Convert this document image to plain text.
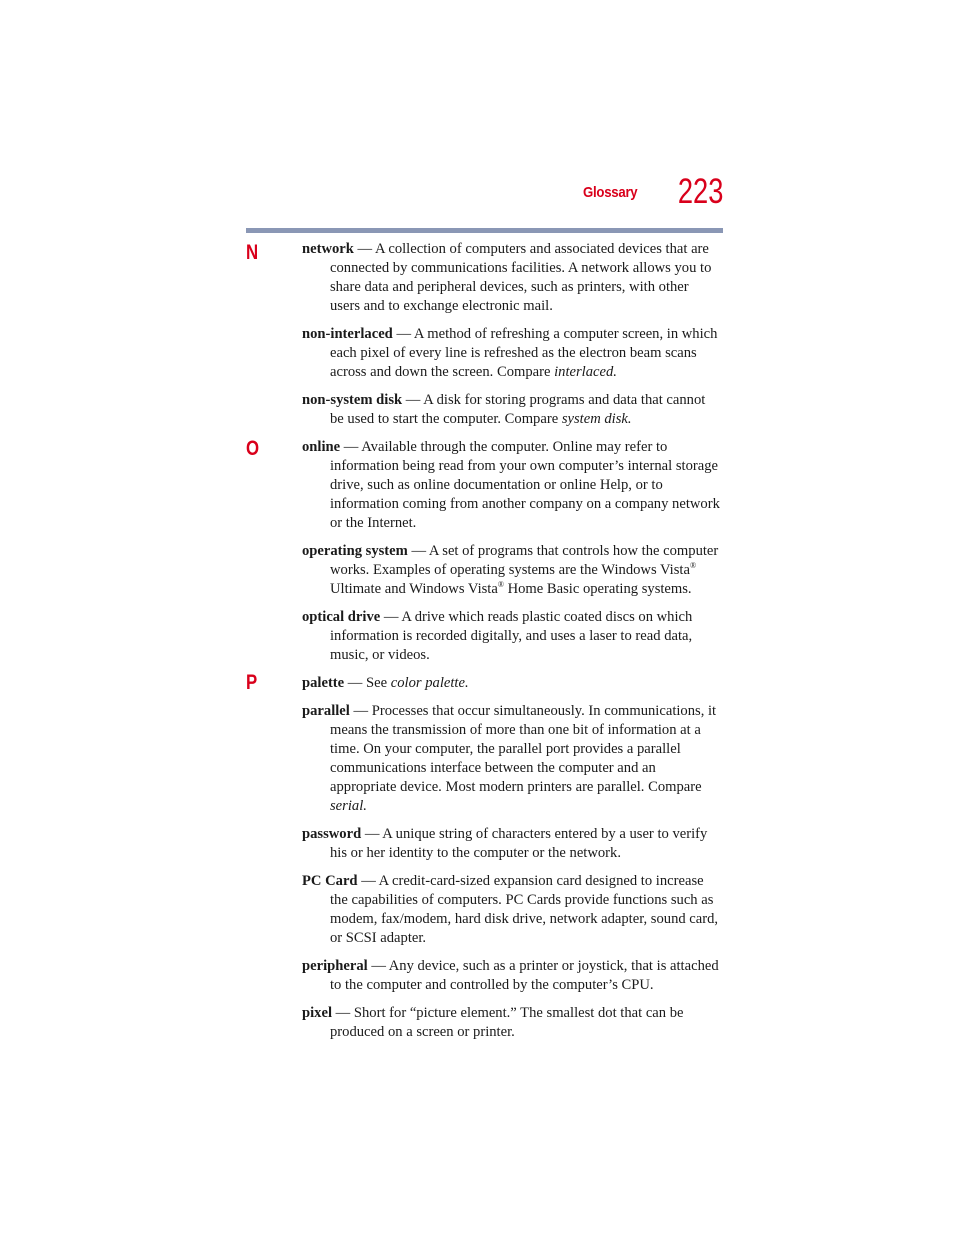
Glossary 223
N
O
P

network — A collection of computers and associated devices that are connected by communications facilities. A network allows you to share data and peripheral devices, such as printers, with other users and to exchange electronic mail.

non-interlaced — A method of refreshing a computer screen, in which each pixel of every line is refreshed as the electron beam scans across and down the screen. Compare interlaced.

non-system disk — A disk for storing programs and data that cannot be used to start the computer. Compare system disk.

online — Available through the computer. Online may refer to information being read from your own computer’s internal storage drive, such as online documentation or online Help, or to information coming from another company on a company network or the Internet.

operating system — A set of programs that controls how the computer works. Examples of operating systems are the Windows Vista® Ultimate and Windows Vista® Home Basic operating systems.

optical drive — A drive which reads plastic coated discs on which information is recorded digitally, and uses a laser to read data, music, or videos.

palette — See color palette.

parallel — Processes that occur simultaneously. In communications, it means the transmission of more than one bit of information at a time. On your computer, the parallel port provides a parallel communications interface between the computer and an appropriate device. Most modern printers are parallel. Compare serial.

password — A unique string of characters entered by a user to verify his or her identity to the computer or the network.

PC Card — A credit-card-sized expansion card designed to increase the capabilities of computers. PC Cards provide functions such as modem, fax/modem, hard disk drive, network adapter, sound card, or SCSI adapter.

peripheral — Any device, such as a printer or joystick, that is attached to the computer and controlled by the computer’s CPU.

pixel — Short for “picture element.” The smallest dot that can be produced on a screen or printer.
